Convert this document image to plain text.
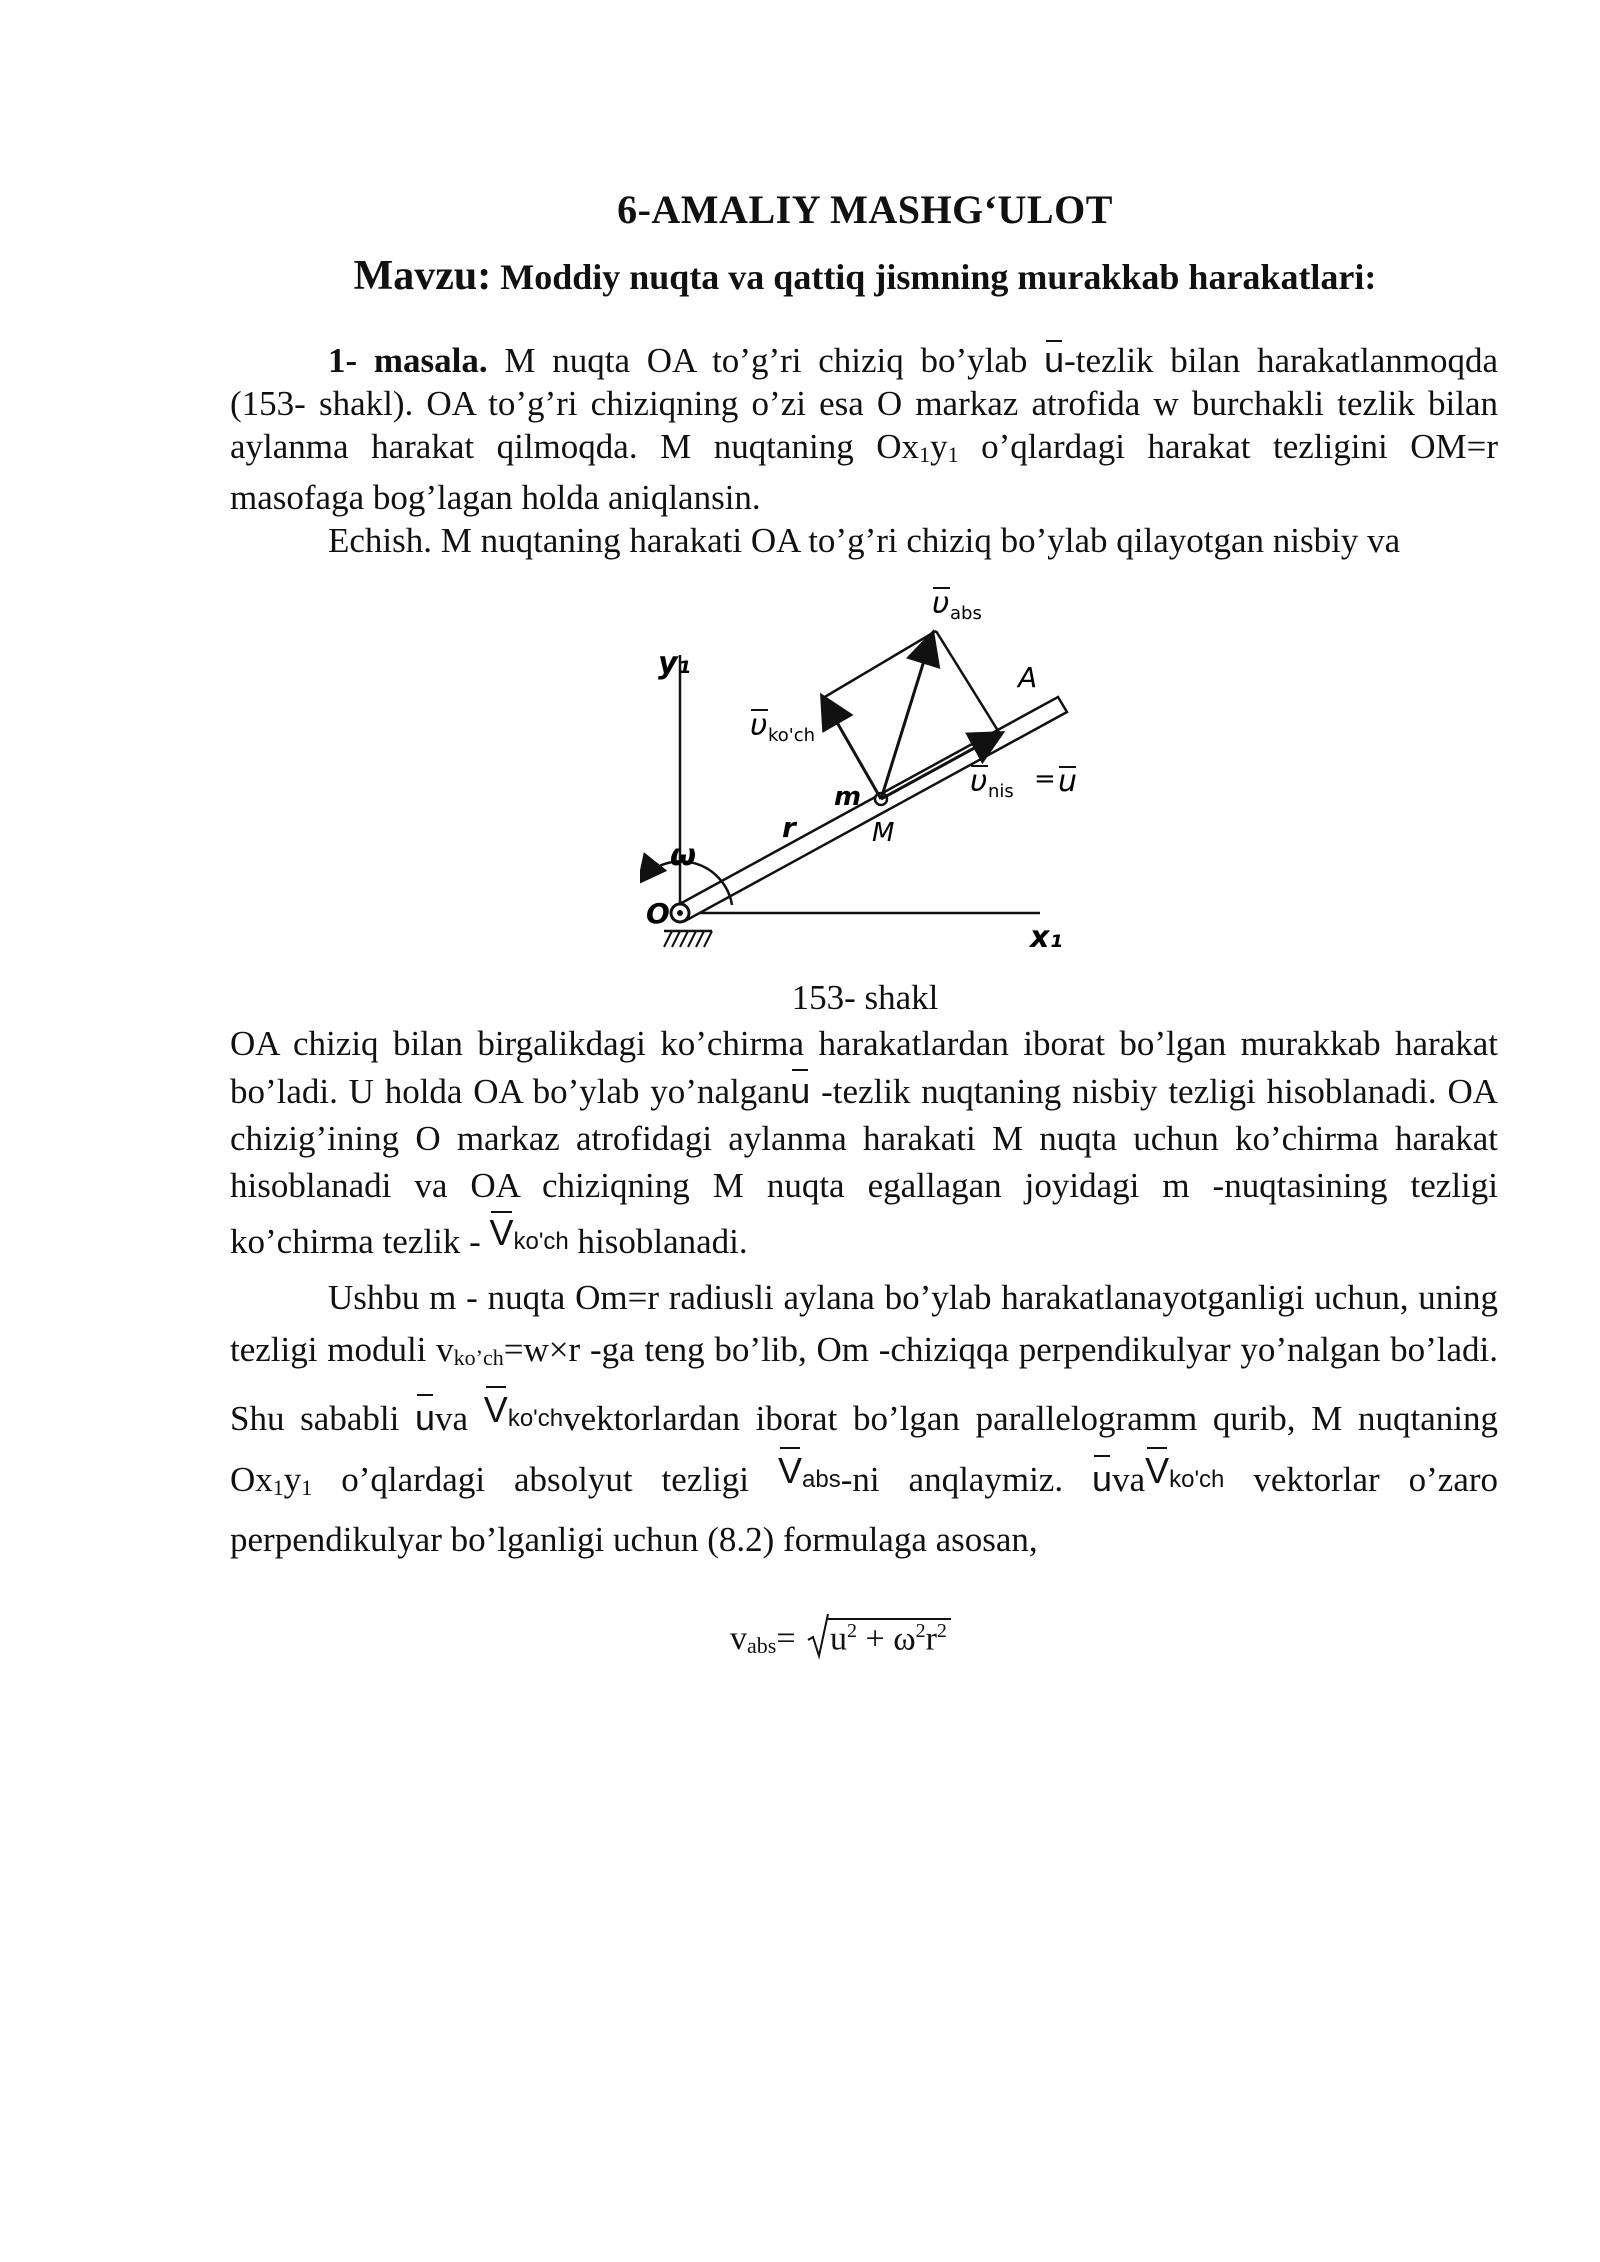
6-AMALIY MASHG‘ULOT
Mavzu: Moddiy nuqta va qattiq jismning murakkab harakatlari:

1- masala. M nuqta OA to’g’ri chiziq bo’ylab u-tezlik bilan harakatlanmoqda (153- shakl). OA to’g’ri chiziqning o’zi esa O markaz atrofida w burchakli tezlik bilan aylanma harakat qilmoqda. M nuqtaning Ox1y1 o’qlardagi harakat tezligini OM=r masofaga bog’lagan holda aniqlansin.

Echish. M nuqtaning harakati OA to’g’ri chiziq bo’ylab qilayotgan nisbiy va

y₁
x₁
O
A
M
m
r
ω
υ abs
υ ko'ch
υ nis = u
153- shakl

OA chiziq bilan birgalikdagi ko’chirma harakatlardan iborat bo’lgan murakkab harakat bo’ladi. U holda OA bo’ylab yo’nalganu -tezlik nuqtaning nisbiy tezligi hisoblanadi. OA chizig’ining O markaz atrofidagi aylanma harakati M nuqta uchun ko’chirma harakat hisoblanadi va OA chiziqning M nuqta egallagan joyidagi m -nuqtasining tezligi ko’chirma tezlik - Vko'ch hisoblanadi.

Ushbu m - nuqta Om=r radiusli aylana bo’ylab harakatlanayotganligi uchun, uning tezligi moduli vko’ch=w×r -ga teng bo’lib, Om -chiziqqa perpendikulyar yo’nalgan bo’ladi. Shu sababli uva Vko'chvektorlardan iborat bo’lgan parallelogramm qurib, M nuqtaning Ox1y1 o’qlardagi absolyut tezligi Vabs-ni anqlaymiz. uvaVko'ch vektorlar o’zaro perpendikulyar bo’lganligi uchun (8.2) formulaga asosan,

vabs= $u^2 + \omega^2r^2$
